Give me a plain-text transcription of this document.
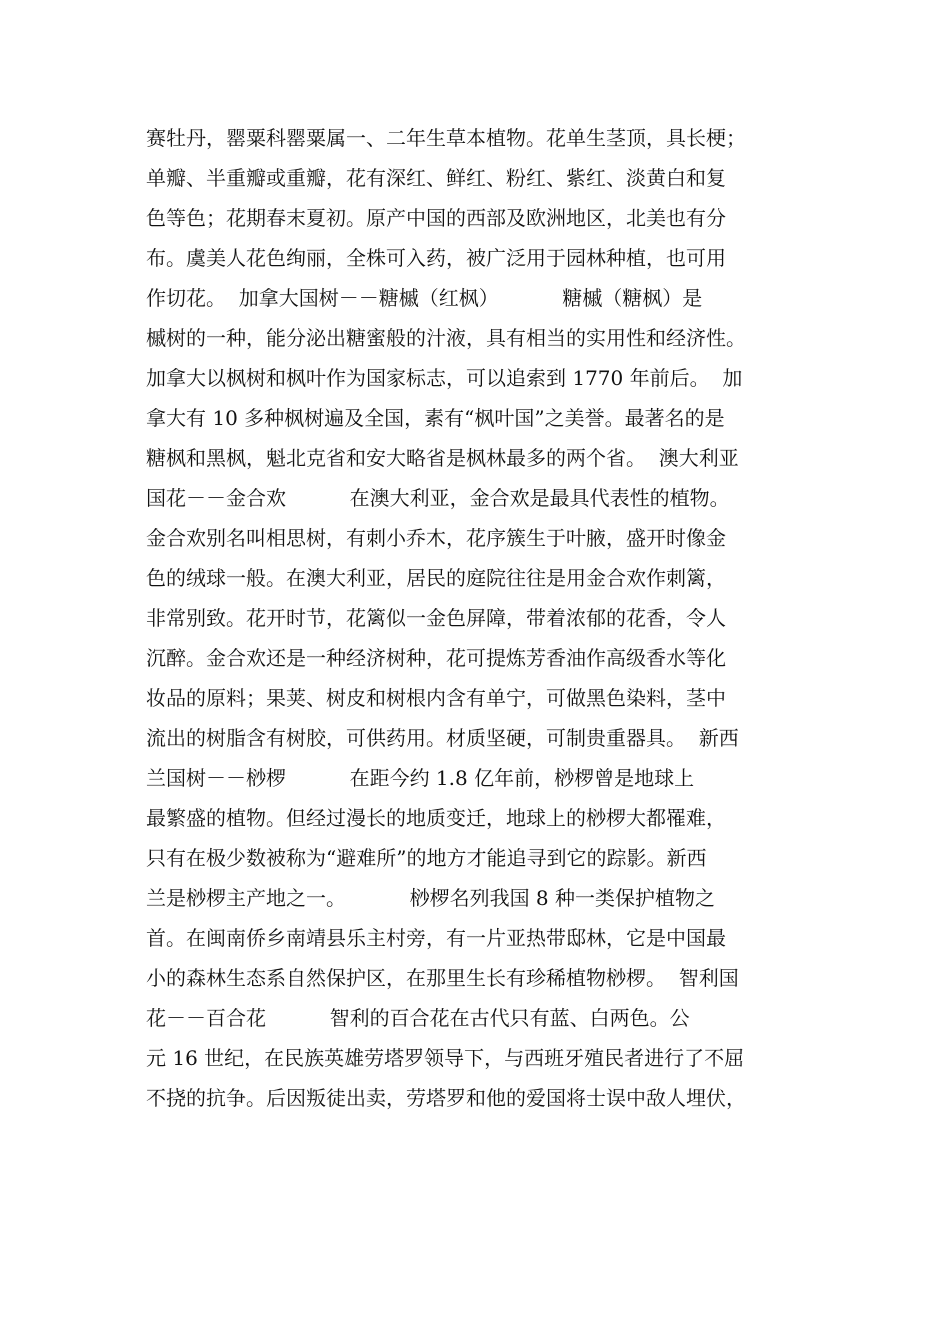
赛牡丹，罂粟科罂粟属一、二年生草本植物。花单生茎顶，具长梗；
单瓣、半重瓣或重瓣，花有深红、鲜红、粉红、紫红、淡黄白和复
色等色；花期春末夏初。原产中国的西部及欧洲地区，北美也有分
布。虞美人花色绚丽，全株可入药，被广泛用于园林种植，也可用
作切花。  加拿大国树－－糖槭（红枫）          糖槭（糖枫）是
槭树的一种，能分泌出糖蜜般的汁液，具有相当的实用性和经济性。
加拿大以枫树和枫叶作为国家标志，可以追索到 1770 年前后。  加
拿大有 10 多种枫树遍及全国，素有“枫叶国”之美誉。最著名的是
糖枫和黑枫，魁北克省和安大略省是枫林最多的两个省。  澳大利亚
国花－－金合欢          在澳大利亚，金合欢是最具代表性的植物。
金合欢别名叫相思树，有刺小乔木，花序簇生于叶腋，盛开时像金
色的绒球一般。在澳大利亚，居民的庭院往往是用金合欢作刺篱，
非常别致。花开时节，花篱似一金色屏障，带着浓郁的花香，令人
沉醉。金合欢还是一种经济树种，花可提炼芳香油作高级香水等化
妆品的原料；果荚、树皮和树根内含有单宁，可做黑色染料，茎中
流出的树脂含有树胶，可供药用。材质坚硬，可制贵重器具。  新西
兰国树－－桫椤          在距今约 1.8 亿年前，桫椤曾是地球上
最繁盛的植物。但经过漫长的地质变迁，地球上的桫椤大都罹难，
只有在极少数被称为“避难所”的地方才能追寻到它的踪影。新西
兰是桫椤主产地之一。          桫椤名列我国 8 种一类保护植物之
首。在闽南侨乡南靖县乐主村旁，有一片亚热带邸林，它是中国最
小的森林生态系自然保护区，在那里生长有珍稀植物桫椤。  智利国
花－－百合花          智利的百合花在古代只有蓝、白两色。公
元 16 世纪，在民族英雄劳塔罗领导下，与西班牙殖民者进行了不屈
不挠的抗争。后因叛徒出卖，劳塔罗和他的爱国将士误中敌人埋伏，
